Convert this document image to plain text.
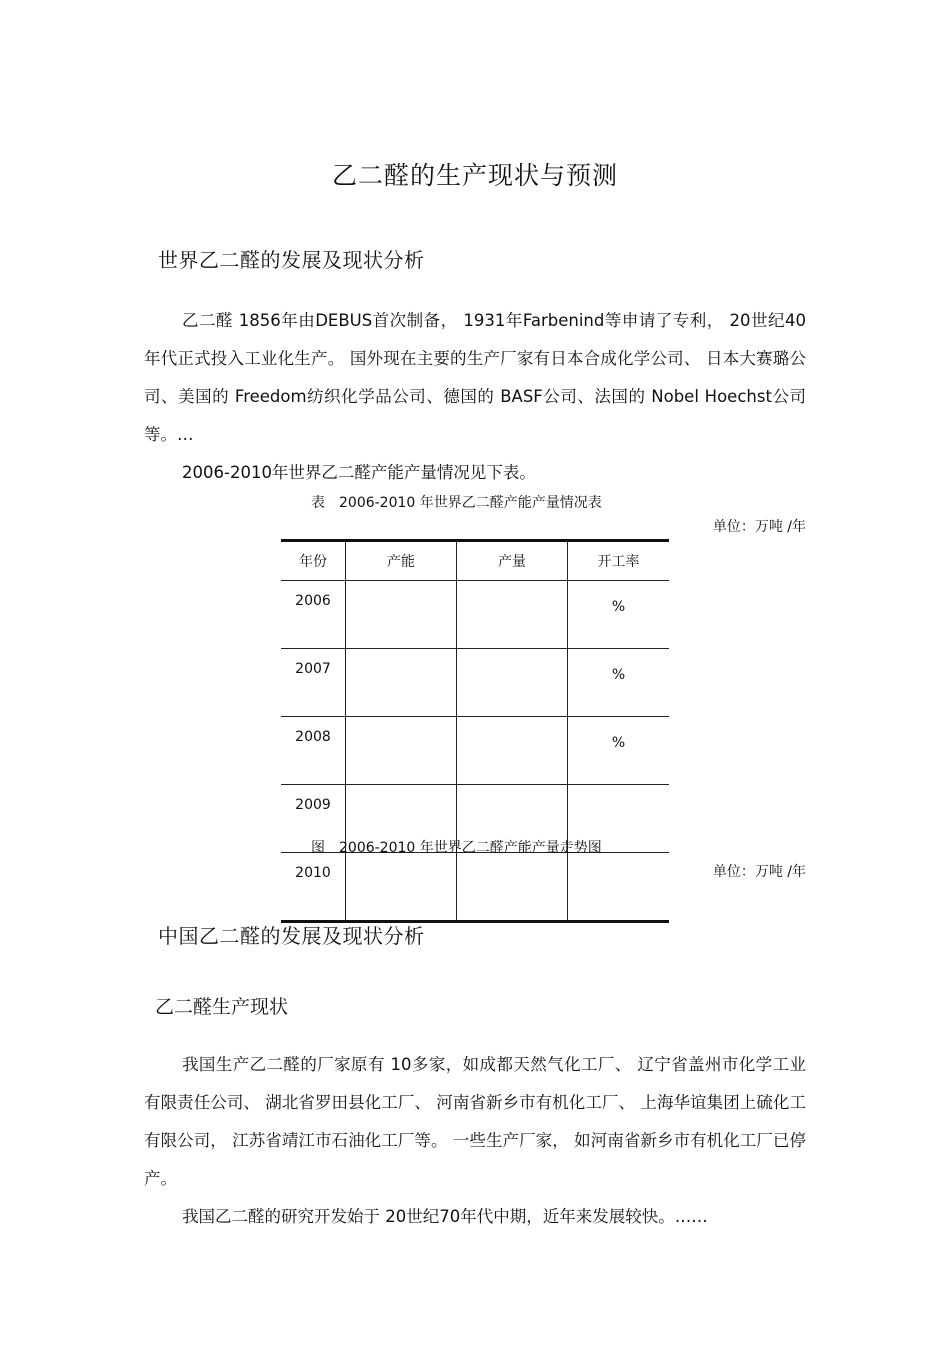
乙二醛的生产现状与预测
世界乙二醛的发展及现状分析

乙二醛 1856年由DEBUS首次制备， 1931年Farbenind等申请了专利， 20世纪40年代正式投入工业化生产。 国外现在主要的生产厂家有日本合成化学公司、 日本大赛璐公司、美国的 Freedom纺织化学品公司、德国的 BASF公司、法国的 Nobel Hoechst公司等。…

2006-2010年世界乙二醛产能产量情况见下表。

表　2006-2010 年世界乙二醛产能产量情况表
单位：万吨 /年
年份	产能	产量	开工率
2006			%
2007			%
2008			%
2009			
2010			
图　2006-2010 年世界乙二醛产能产量走势图
单位：万吨 /年
中国乙二醛的发展及现状分析
乙二醛生产现状

我国生产乙二醛的厂家原有 10多家，如成都天然气化工厂、 辽宁省盖州市化学工业有限责任公司、 湖北省罗田县化工厂、 河南省新乡市有机化工厂、 上海华谊集团上硫化工有限公司， 江苏省靖江市石油化工厂等。 一些生产厂家， 如河南省新乡市有机化工厂已停产。

我国乙二醛的研究开发始于 20世纪70年代中期，近年来发展较快。……
